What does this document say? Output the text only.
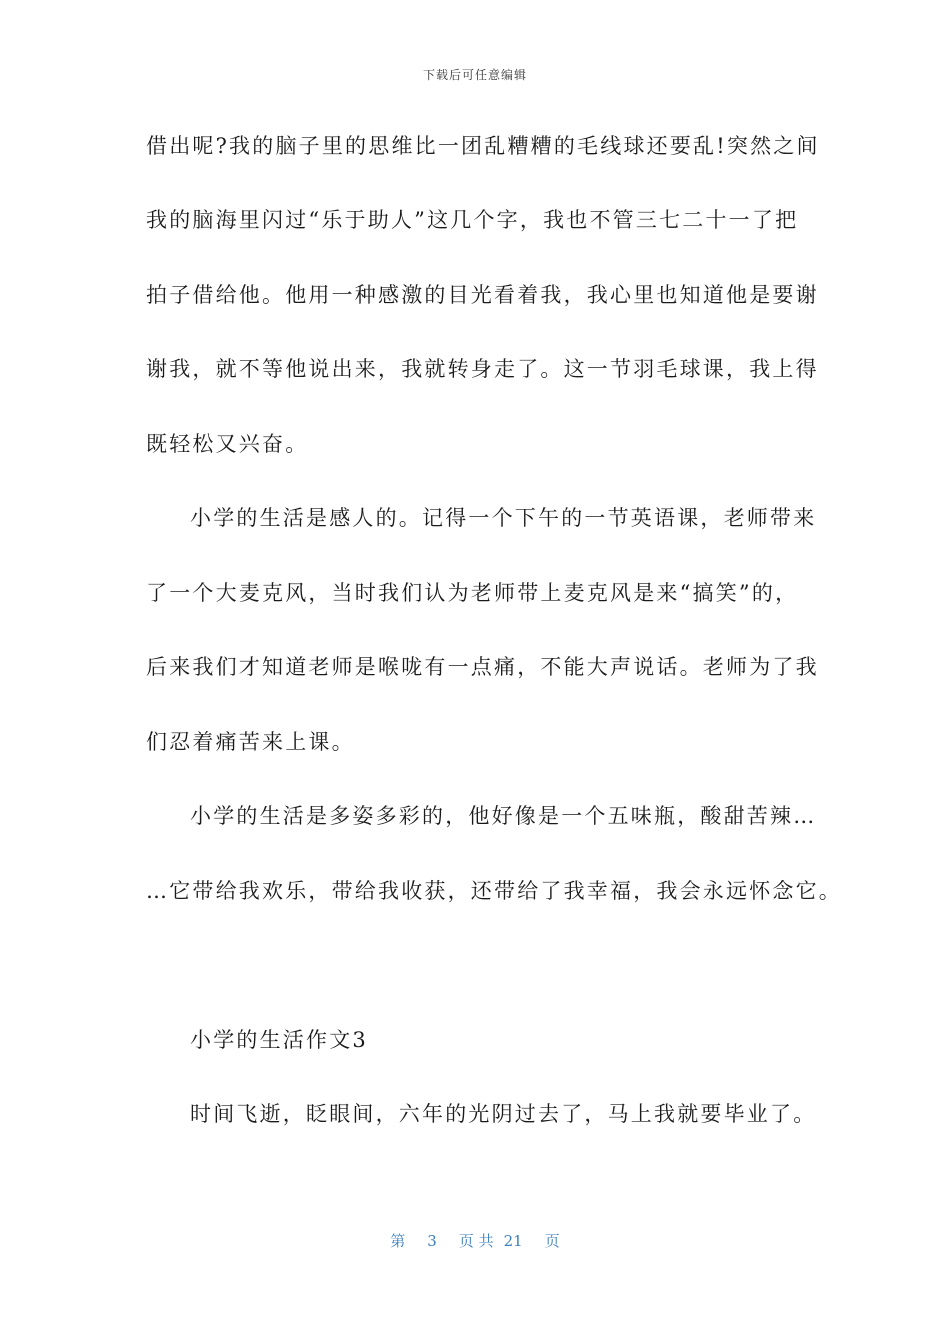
下载后可任意编辑
借出呢?我的脑子里的思维比一团乱糟糟的毛线球还要乱!突然之间
我的脑海里闪过“乐于助人”这几个字，我也不管三七二十一了把
拍子借给他。他用一种感激的目光看着我，我心里也知道他是要谢
谢我，就不等他说出来，我就转身走了。这一节羽毛球课，我上得
既轻松又兴奋。
小学的生活是感人的。记得一个下午的一节英语课，老师带来
了一个大麦克风，当时我们认为老师带上麦克风是来“搞笑”的，
后来我们才知道老师是喉咙有一点痛，不能大声说话。老师为了我
们忍着痛苦来上课。
小学的生活是多姿多彩的，他好像是一个五味瓶，酸甜苦辣…
…它带给我欢乐，带给我收获，还带给了我幸福，我会永远怀念它。
小学的生活作文3
时间飞逝，眨眼间，六年的光阴过去了，马上我就要毕业了。
第 3 页 共 21 页
